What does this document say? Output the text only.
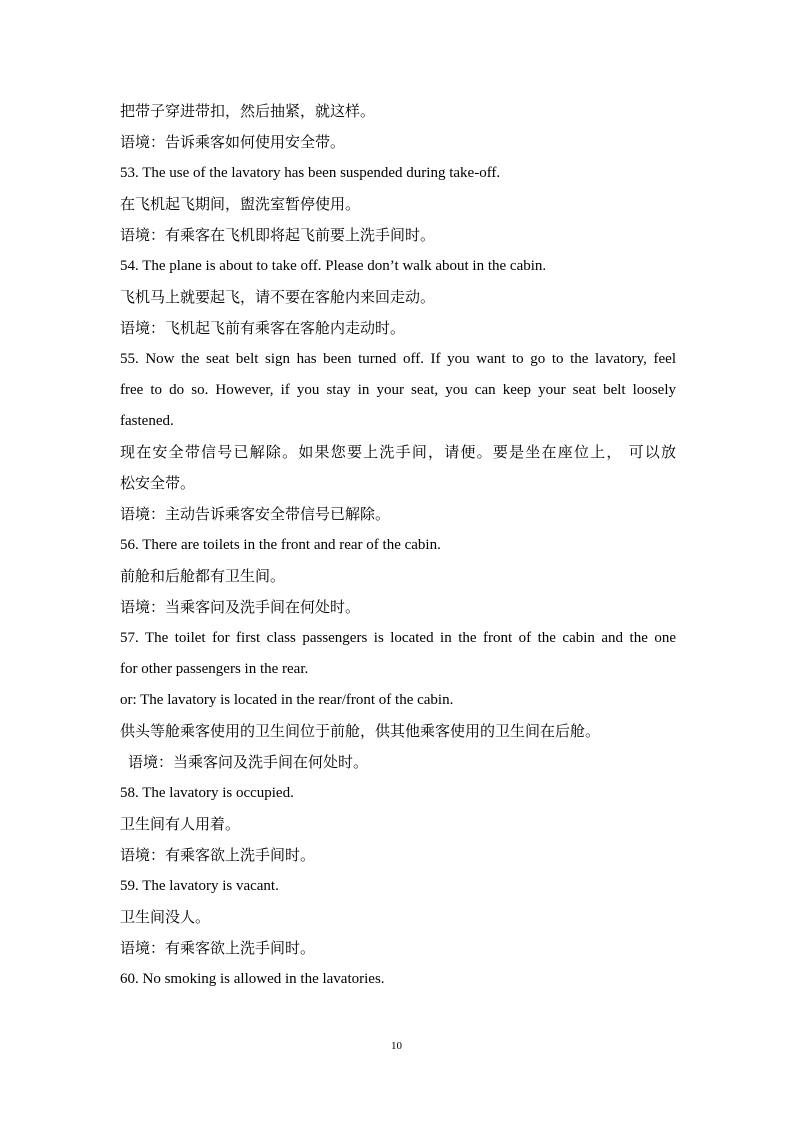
把带子穿进带扣，然后抽紧，就这样。
语境：告诉乘客如何使用安全带。
53. The use of the lavatory has been suspended during take-off.
在飞机起飞期间，盥洗室暂停使用。
语境：有乘客在飞机即将起飞前要上洗手间时。
54. The plane is about to take off. Please don’t walk about in the cabin.
飞机马上就要起飞，请不要在客舱内来回走动。
语境：飞机起飞前有乘客在客舱内走动时。
55. Now the seat belt sign has been turned off. If you want to go to the lavatory, feel
free to do so. However, if you stay in your seat, you can keep your seat belt loosely
fastened.
现在安全带信号已解除。如果您要上洗手间，请便。要是坐在座位上， 可以放
松安全带。
语境：主动告诉乘客安全带信号已解除。
56. There are toilets in the front and rear of the cabin.
前舱和后舱都有卫生间。
语境：当乘客问及洗手间在何处时。
57. The toilet for first class passengers is located in the front of the cabin and the one
for other passengers in the rear.
or: The lavatory is located in the rear/front of the cabin.
供头等舱乘客使用的卫生间位于前舱，供其他乘客使用的卫生间在后舱。
语境：当乘客问及洗手间在何处时。
58. The lavatory is occupied.
卫生间有人用着。
语境：有乘客欲上洗手间时。
59. The lavatory is vacant.
卫生间没人。
语境：有乘客欲上洗手间时。
60. No smoking is allowed in the lavatories.
10
